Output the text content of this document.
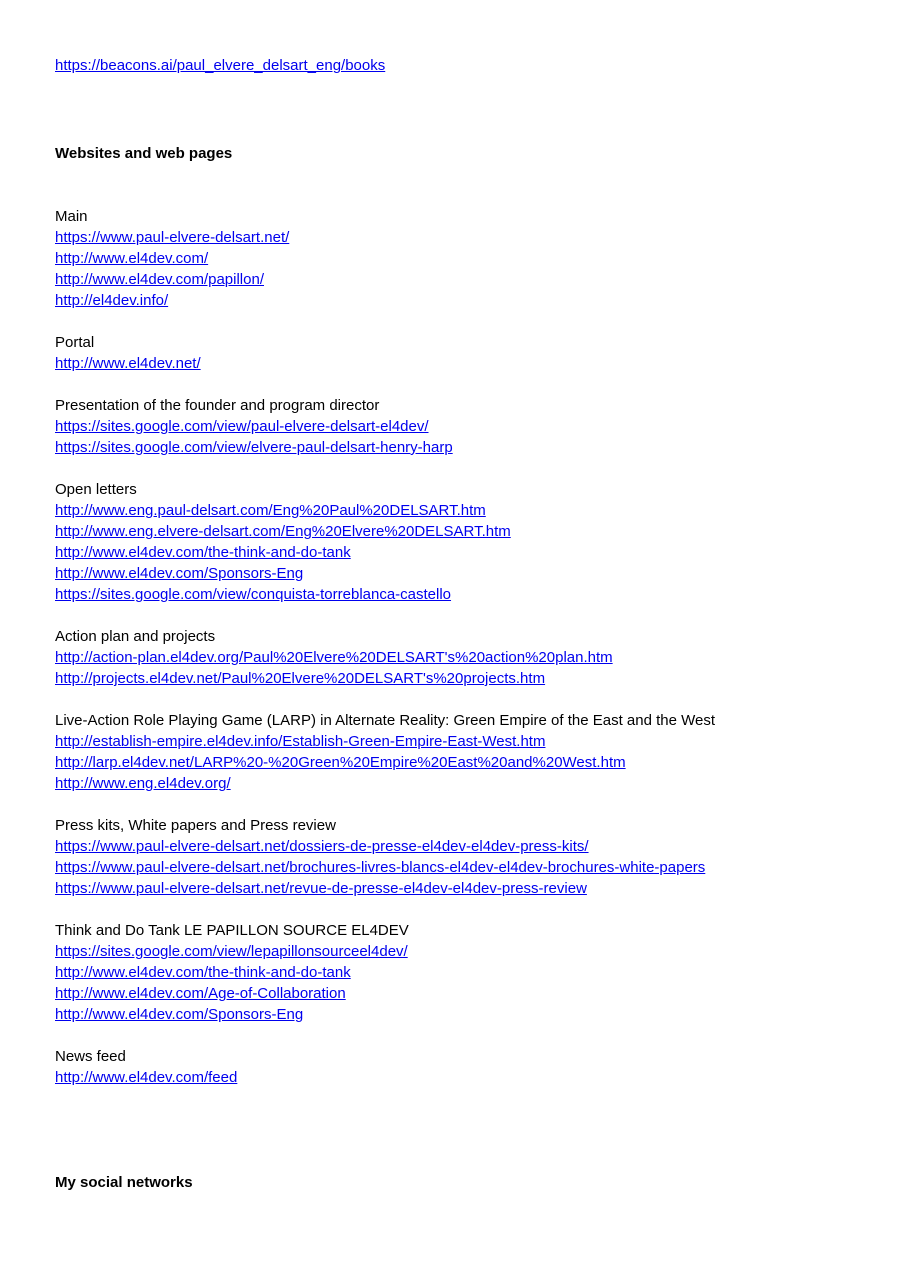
https://beacons.ai/paul_elvere_delsart_eng/books
Websites and web pages
Main
https://www.paul-elvere-delsart.net/
http://www.el4dev.com/
http://www.el4dev.com/papillon/
http://el4dev.info/
Portal
http://www.el4dev.net/
Presentation of the founder and program director
https://sites.google.com/view/paul-elvere-delsart-el4dev/
https://sites.google.com/view/elvere-paul-delsart-henry-harp
Open letters
http://www.eng.paul-delsart.com/Eng%20Paul%20DELSART.htm
http://www.eng.elvere-delsart.com/Eng%20Elvere%20DELSART.htm
http://www.el4dev.com/the-think-and-do-tank
http://www.el4dev.com/Sponsors-Eng
https://sites.google.com/view/conquista-torreblanca-castello
Action plan and projects
http://action-plan.el4dev.org/Paul%20Elvere%20DELSART's%20action%20plan.htm
http://projects.el4dev.net/Paul%20Elvere%20DELSART's%20projects.htm
Live-Action Role Playing Game (LARP) in Alternate Reality: Green Empire of the East and the West
http://establish-empire.el4dev.info/Establish-Green-Empire-East-West.htm
http://larp.el4dev.net/LARP%20-%20Green%20Empire%20East%20and%20West.htm
http://www.eng.el4dev.org/
Press kits, White papers and Press review
https://www.paul-elvere-delsart.net/dossiers-de-presse-el4dev-el4dev-press-kits/
https://www.paul-elvere-delsart.net/brochures-livres-blancs-el4dev-el4dev-brochures-white-papers
https://www.paul-elvere-delsart.net/revue-de-presse-el4dev-el4dev-press-review
Think and Do Tank LE PAPILLON SOURCE EL4DEV
https://sites.google.com/view/lepapillonsourceel4dev/
http://www.el4dev.com/the-think-and-do-tank
http://www.el4dev.com/Age-of-Collaboration
http://www.el4dev.com/Sponsors-Eng
News feed
http://www.el4dev.com/feed
My social networks
